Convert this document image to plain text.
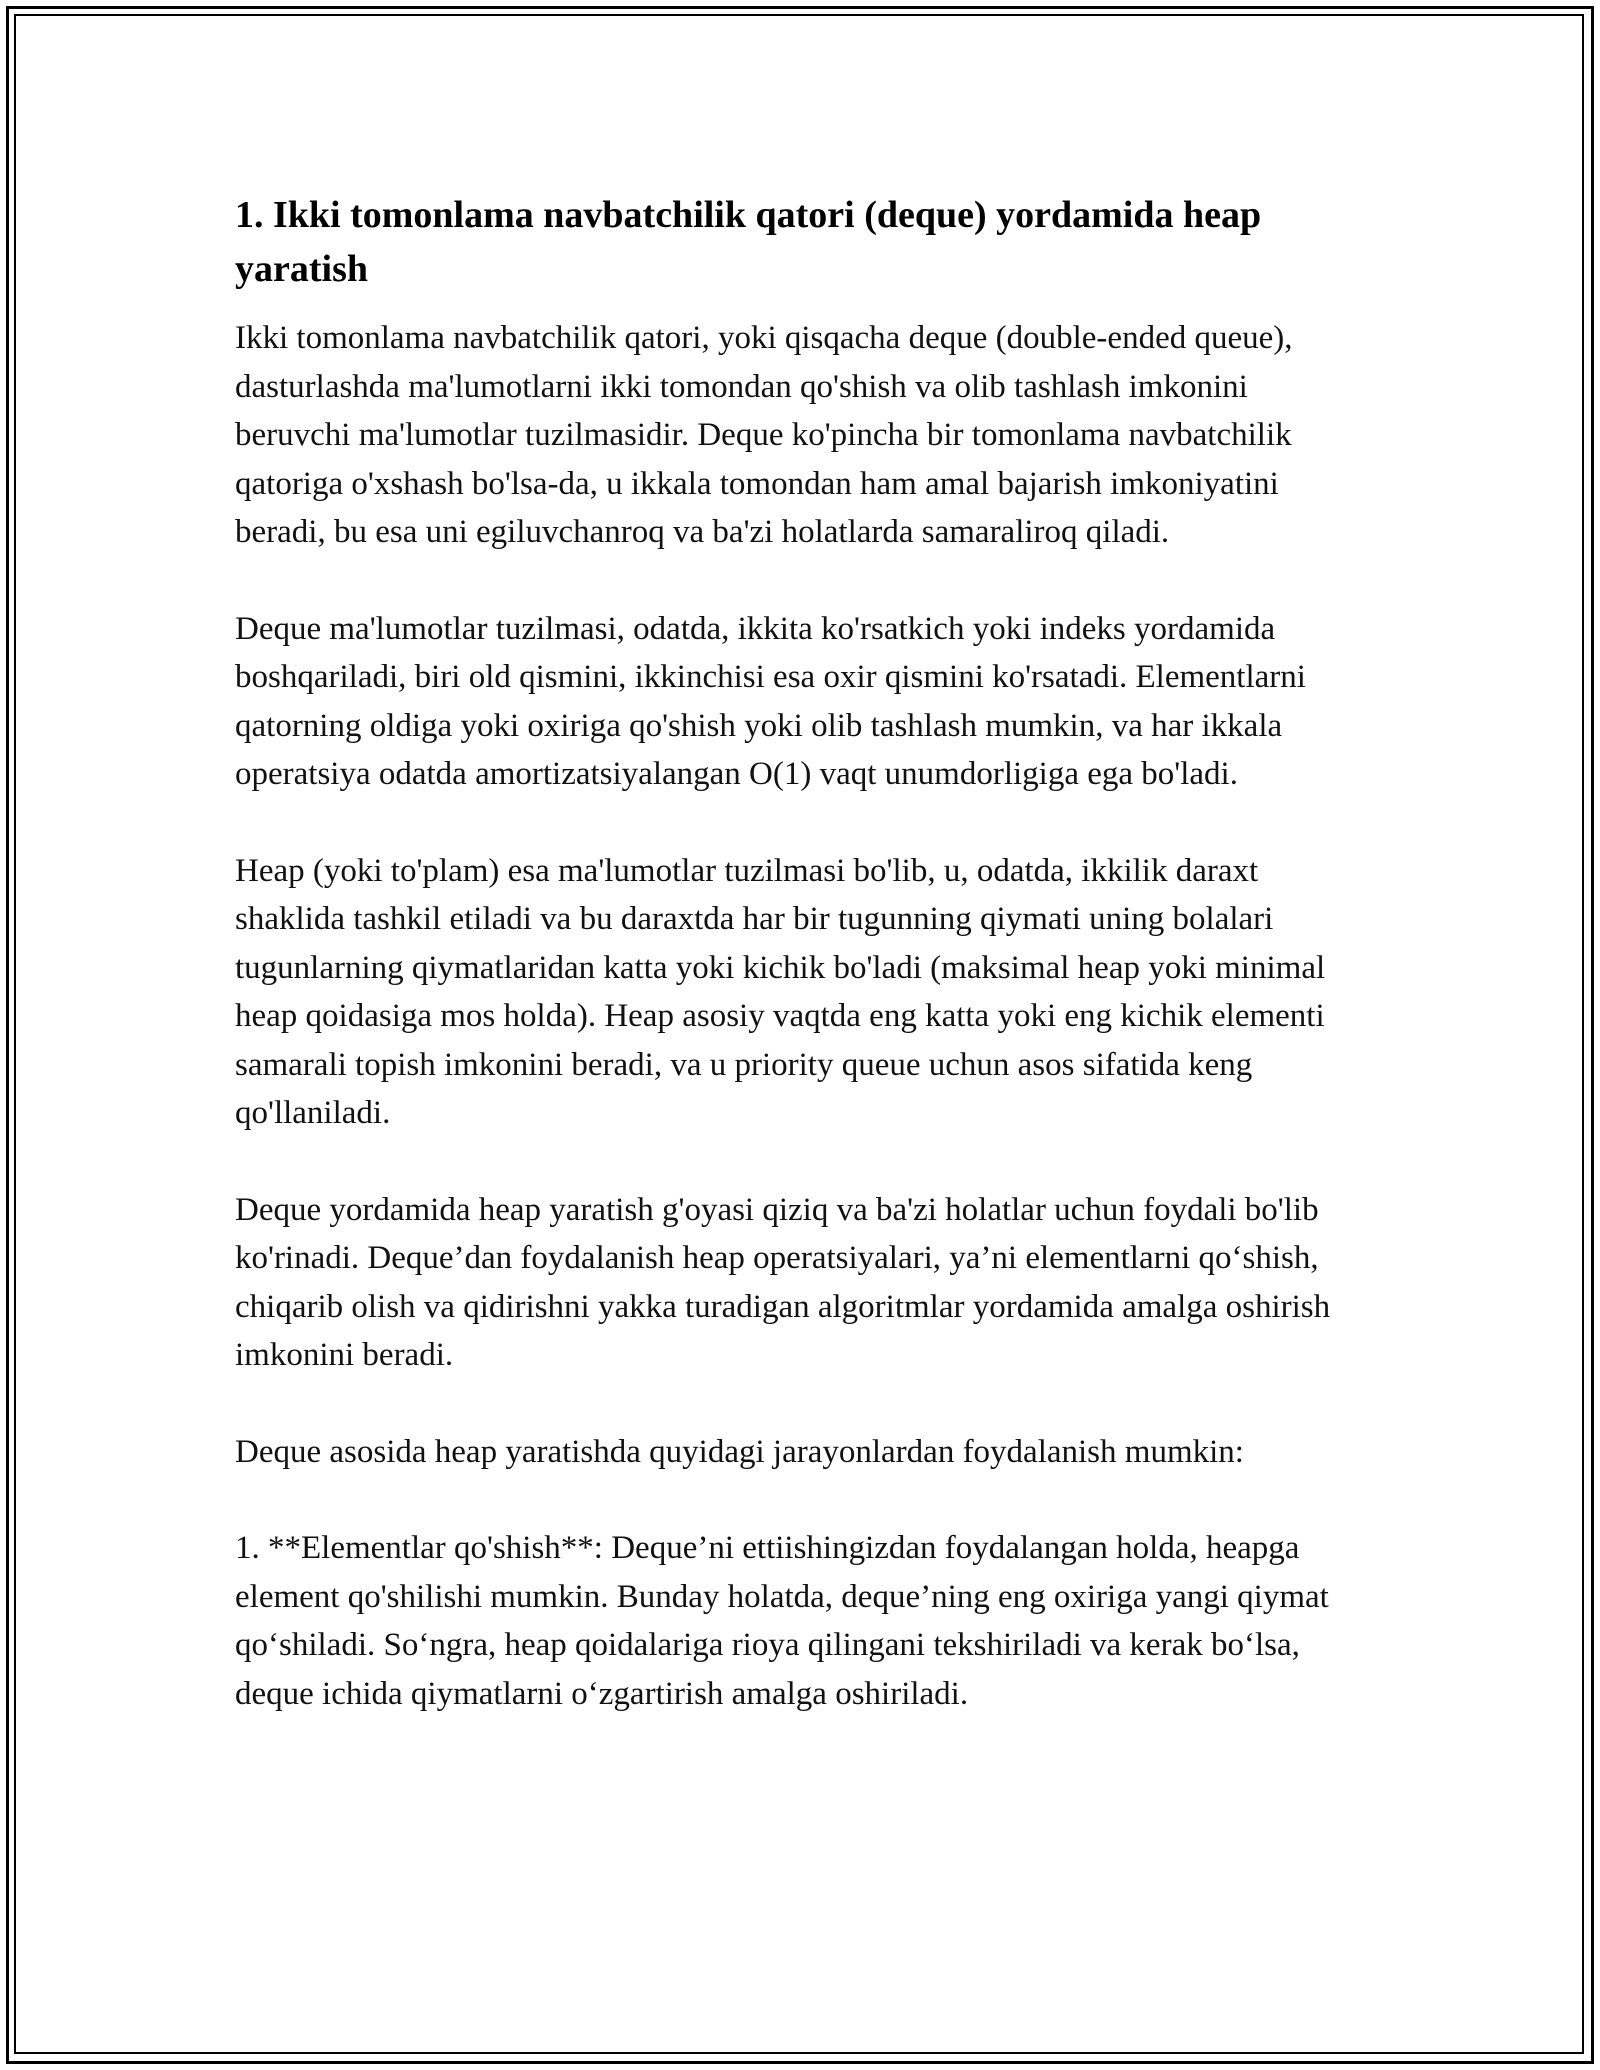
1. Ikki tomonlama navbatchilik qatori (deque) yordamida heap yaratish

Ikki tomonlama navbatchilik qatori, yoki qisqacha deque (double-ended queue), dasturlashda ma'lumotlarni ikki tomondan qo'shish va olib tashlash imkonini beruvchi ma'lumotlar tuzilmasidir. Deque ko'pincha bir tomonlama navbatchilik qatoriga o'xshash bo'lsa-da, u ikkala tomondan ham amal bajarish imkoniyatini beradi, bu esa uni egiluvchanroq va ba'zi holatlarda samaraliroq qiladi.

Deque ma'lumotlar tuzilmasi, odatda, ikkita ko'rsatkich yoki indeks yordamida boshqariladi, biri old qismini, ikkinchisi esa oxir qismini ko'rsatadi. Elementlarni qatorning oldiga yoki oxiriga qo'shish yoki olib tashlash mumkin, va har ikkala operatsiya odatda amortizatsiyalangan O(1) vaqt unumdorligiga ega bo'ladi.

Heap (yoki to'plam) esa ma'lumotlar tuzilmasi bo'lib, u, odatda, ikkilik daraxt shaklida tashkil etiladi va bu daraxtda har bir tugunning qiymati uning bolalari tugunlarning qiymatlaridan katta yoki kichik bo'ladi (maksimal heap yoki minimal heap qoidasiga mos holda). Heap asosiy vaqtda eng katta yoki eng kichik elementi samarali topish imkonini beradi, va u priority queue uchun asos sifatida keng qo'llaniladi.

Deque yordamida heap yaratish g'oyasi qiziq va ba'zi holatlar uchun foydali bo'lib ko'rinadi. Deque’dan foydalanish heap operatsiyalari, ya’ni elementlarni qo‘shish, chiqarib olish va qidirishni yakka turadigan algoritmlar yordamida amalga oshirish imkonini beradi.

Deque asosida heap yaratishda quyidagi jarayonlardan foydalanish mumkin:

1. **Elementlar qo'shish**: Deque’ni ettiishingizdan foydalangan holda, heapga element qo'shilishi mumkin. Bunday holatda, deque’ning eng oxiriga yangi qiymat qo‘shiladi. So‘ngra, heap qoidalariga rioya qilingani tekshiriladi va kerak bo‘lsa, deque ichida qiymatlarni o‘zgartirish amalga oshiriladi.
